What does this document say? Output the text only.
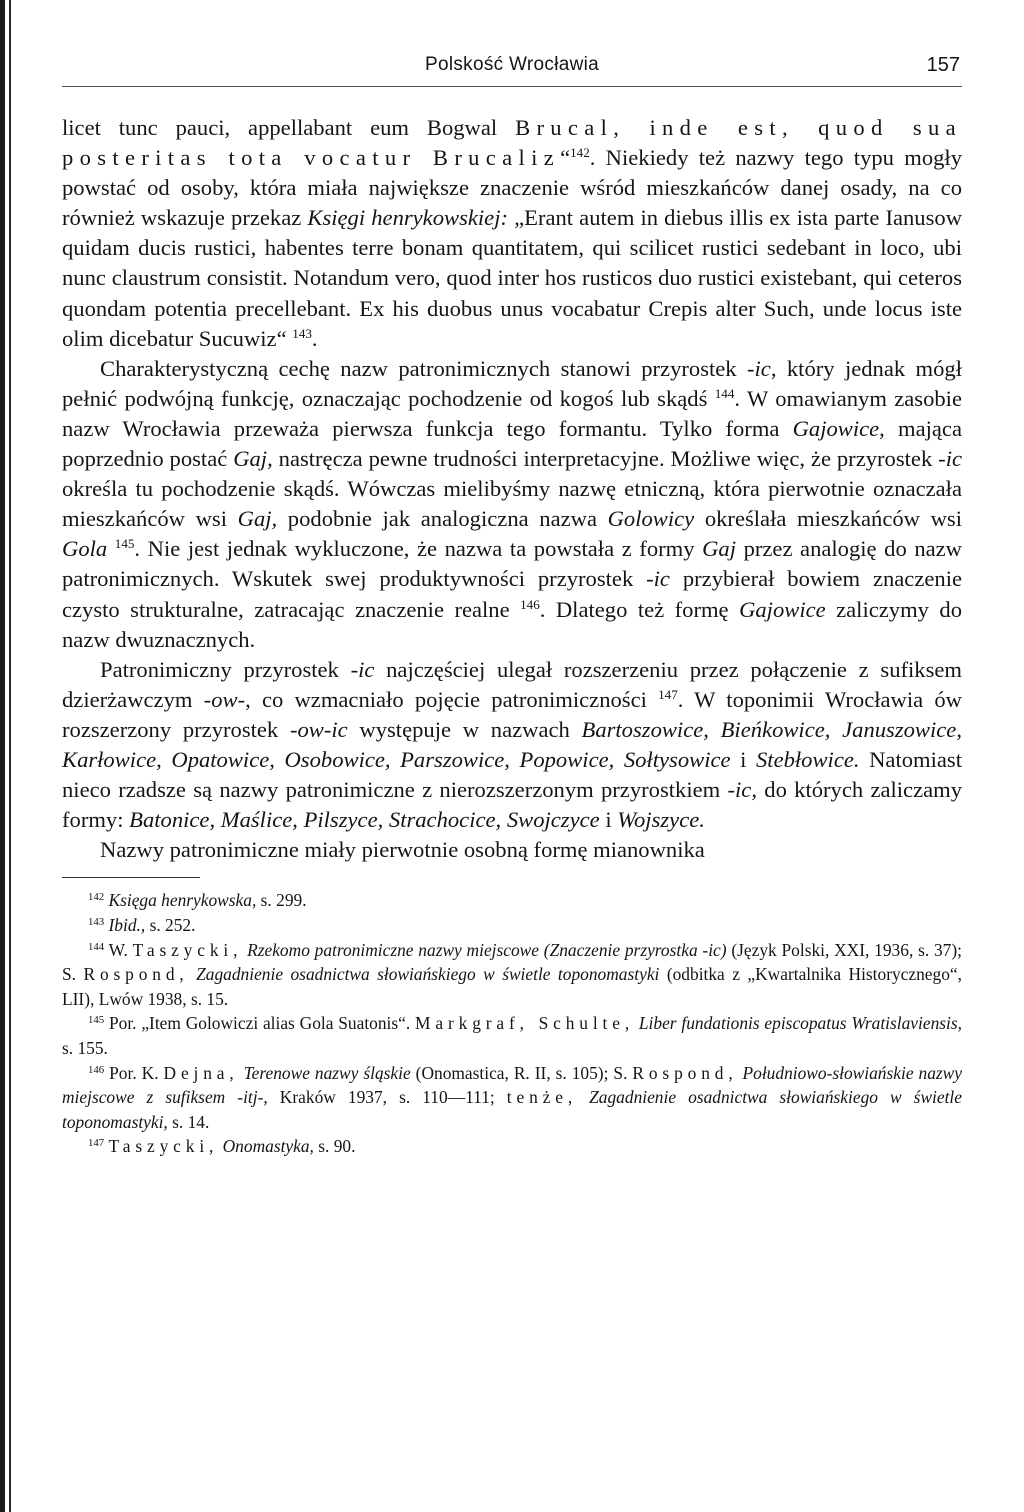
Polskość Wrocławia	157

licet tunc pauci, appellabant eum Bogwal Brucal, inde est, quod sua posteritas tota vocatur Brucaliz“$^{142}$. Niekiedy też nazwy tego typu mogły powstać od osoby, która miała największe znaczenie wśród mieszkańców danej osady, na co również wskazuje przekaz Księgi henrykowskiej: „Erant autem in diebus illis ex ista parte Ianusow quidam ducis rustici, habentes terre bonam quantitatem, qui scilicet rustici sedebant in loco, ubi nunc claustrum consistit. Notandum vero, quod inter hos rusticos duo rustici existebant, qui ceteros quondam potentia precellebant. Ex his duobus unus vocabatur Crepis alter Such, unde locus iste olim dicebatur Sucuwiz“ $^{143}$.

Charakterystyczną cechę nazw patronimicznych stanowi przyrostek -ic, który jednak mógł pełnić podwójną funkcję, oznaczając pochodzenie od kogoś lub skądś $^{144}$. W omawianym zasobie nazw Wrocławia przeważa pierwsza funkcja tego formantu. Tylko forma Gajowice, mająca poprzednio postać Gaj, nastręcza pewne trudności interpretacyjne. Możliwe więc, że przyrostek -ic określa tu pochodzenie skądś. Wówczas mielibyśmy nazwę etniczną, która pierwotnie oznaczała mieszkańców wsi Gaj, podobnie jak analogiczna nazwa Golowicy określała mieszkańców wsi Gola $^{145}$. Nie jest jednak wykluczone, że nazwa ta powstała z formy Gaj przez analogię do nazw patronimicznych. Wskutek swej produktywności przyrostek -ic przybierał bowiem znaczenie czysto strukturalne, zatracając znaczenie realne $^{146}$. Dlatego też formę Gajowice zaliczymy do nazw dwuznacznych.

Patronimiczny przyrostek -ic najczęściej ulegał rozszerzeniu przez połączenie z sufiksem dzierżawczym -ow-, co wzmacniało pojęcie patronimiczności $^{147}$. W toponimii Wrocławia ów rozszerzony przyrostek -ow-ic występuje w nazwach Bartoszowice, Bieńkowice, Januszowice, Karłowice, Opatowice, Osobowice, Parszowice, Popowice, Sołtysowice i Stebłowice. Natomiast nieco rzadsze są nazwy patronimiczne z nierozszerzonym przyrostkiem -ic, do których zaliczamy formy: Batonice, Maślice, Pilszyce, Strachocice, Swojczyce i Wojszyce.

Nazwy patronimiczne miały pierwotnie osobną formę mianownika

$^{142}$ Księga henrykowska, s. 299.

$^{143}$ Ibid., s. 252.

$^{144}$ W. Taszycki, Rzekomo patronimiczne nazwy miejscowe (Znaczenie przyrostka -ic) (Język Polski, XXI, 1936, s. 37); S. Rospond, Zagadnienie osadnictwa słowiańskiego w świetle toponomastyki (odbitka z „Kwartalnika Historycznego“, LII), Lwów 1938, s. 15.

$^{145}$ Por. „Item Golowiczi alias Gola Suatonis“. Markgraf, Schulte, Liber fundationis episcopatus Wratislaviensis, s. 155.

$^{146}$ Por. K. Dejna, Terenowe nazwy śląskie (Onomastica, R. II, s. 105); S. Rospond, Południowo-słowiańskie nazwy miejscowe z sufiksem -itj-, Kraków 1937, s. 110—111; tenże, Zagadnienie osadnictwa słowiańskiego w świetle toponomastyki, s. 14.

$^{147}$ Taszycki, Onomastyka, s. 90.
